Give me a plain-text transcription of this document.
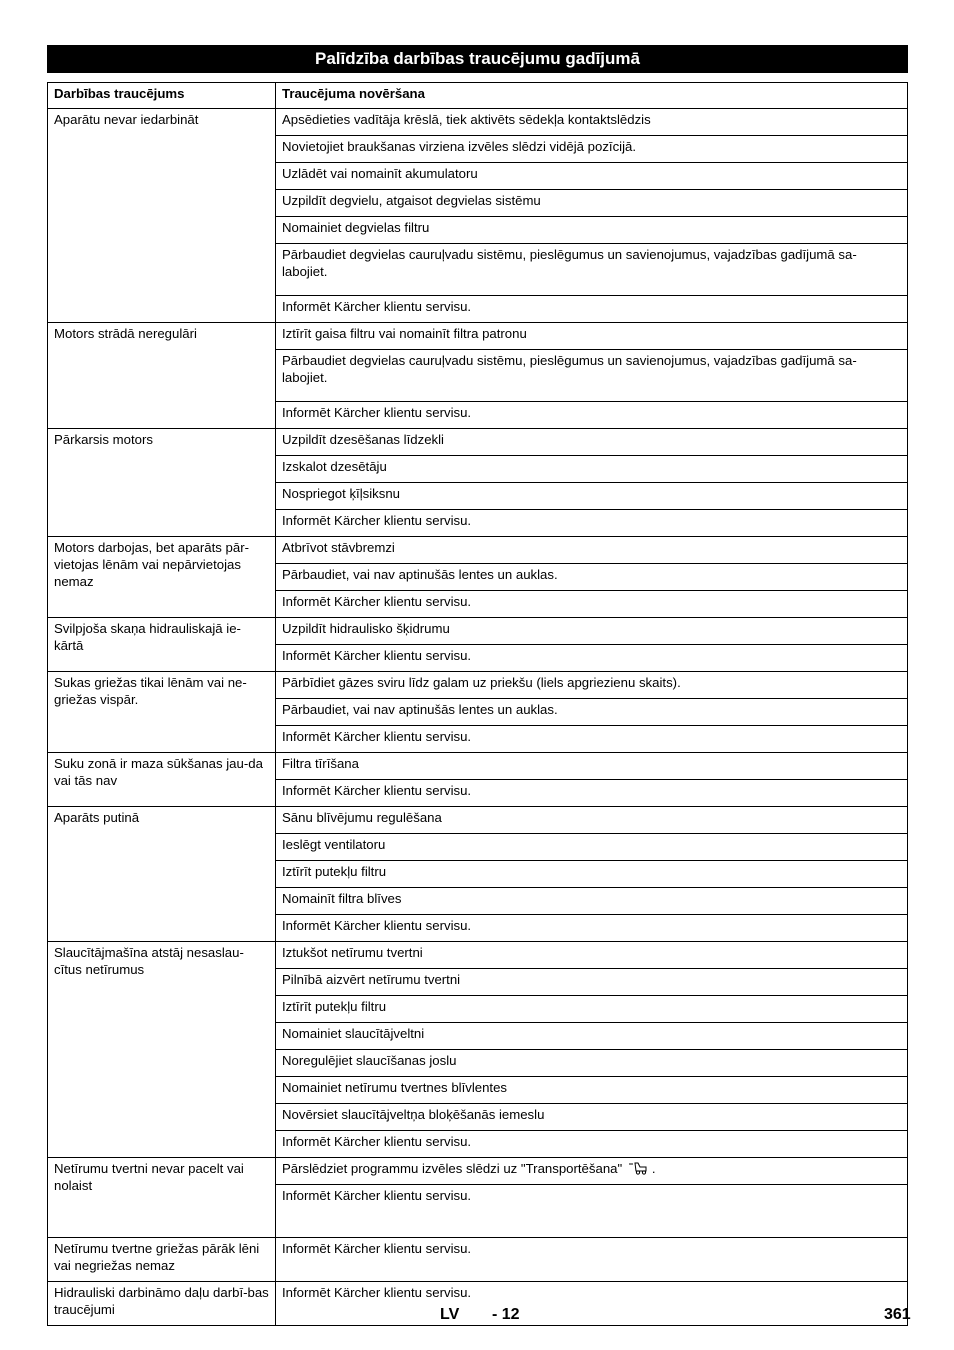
Palīdzība darbības traucējumu gadījumā
Darbības traucējums	Traucējuma novēršana
Aparātu nevar iedarbināt	Apsēdieties vadītāja krēslā, tiek aktivēts sēdekļa kontaktslēdzis
	Novietojiet braukšanas virziena izvēles slēdzi vidējā pozīcijā.
	Uzlādēt vai nomainīt akumulatoru
	Uzpildīt degvielu, atgaisot degvielas sistēmu
	Nomainiet degvielas filtru
	Pārbaudiet degvielas cauruļvadu sistēmu, pieslēgumus un savienojumus, vajadzības gadījumā sa-labojiet.
	Informēt Kärcher klientu servisu.
Motors strādā neregulāri	Iztīrīt gaisa filtru vai nomainīt filtra patronu
	Pārbaudiet degvielas cauruļvadu sistēmu, pieslēgumus un savienojumus, vajadzības gadījumā sa-labojiet.
	Informēt Kärcher klientu servisu.
Pārkarsis motors	Uzpildīt dzesēšanas līdzekli
	Izskalot dzesētāju
	Nospriegot ķīļsiksnu
	Informēt Kärcher klientu servisu.
Motors darbojas, bet aparāts pār-vietojas lēnām vai nepārvietojas nemaz	Atbrīvot stāvbremzi
	Pārbaudiet, vai nav aptinušās lentes un auklas.
	Informēt Kärcher klientu servisu.
Svilpjoša skaņa hidrauliskajā ie-kārtā	Uzpildīt hidraulisko šķidrumu
	Informēt Kärcher klientu servisu.
Sukas griežas tikai lēnām vai ne-griežas vispār.	Pārbīdiet gāzes sviru līdz galam uz priekšu (liels apgriezienu skaits).
	Pārbaudiet, vai nav aptinušās lentes un auklas.
	Informēt Kärcher klientu servisu.
Suku zonā ir maza sūkšanas jau-da vai tās nav	Filtra tīrīšana
	Informēt Kärcher klientu servisu.
Aparāts putinā	Sānu blīvējumu regulēšana
	Ieslēgt ventilatoru
	Iztīrīt putekļu filtru
	Nomainīt filtra blīves
	Informēt Kärcher klientu servisu.
Slaucītājmašīna atstāj nesaslau-cītus netīrumus	Iztukšot netīrumu tvertni
	Pilnībā aizvērt netīrumu tvertni
	Iztīrīt putekļu filtru
	Nomainiet slaucītājveltni
	Noregulējiet slaucīšanas joslu
	Nomainiet netīrumu tvertnes blīvlentes
	Novērsiet slaucītājveltņa bloķēšanās iemeslu
	Informēt Kärcher klientu servisu.
Netīrumu tvertni nevar pacelt vai nolaist	Pārslēdziet programmu izvēles slēdzi uz "Transportēšana" .
	Informēt Kärcher klientu servisu.
Netīrumu tvertne griežas pārāk lēni vai negriežas nemaz	Informēt Kärcher klientu servisu.
Hidrauliski darbināmo daļu darbī-bas traucējumi	Informēt Kärcher klientu servisu.
LV - 12	361
